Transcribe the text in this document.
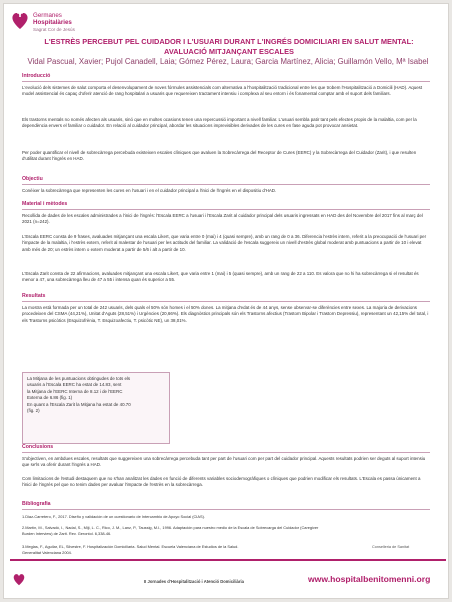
Germanes
Hospitalàries
Sagrat Cor de Jesús
L'ESTRÈS PERCEBUT PEL CUIDADOR I L'USUARI DURANT L'INGRÉS DOMICILIARI EN SALUT MENTAL:
AVALUACIÓ MITJANÇANT ESCALES
Vidal Pascual, Xavier; Pujol Canadell, Laia; Gómez Pérez, Laura; Garcia Martínez, Alicia; Guillamón Vello, Mª Isabel
Introducció
L'evolució dels sistemes de salut comporta el desenvolupament de noves fórmules assistencials com alternativa a l'hospitalització tradicional entre les que trobem l'Hospitalització a Domicili (HAD). Aquest model assistencial és capaç d'oferir atenció de rang hospitalari a usuaris que requereixen tractament intensiu i complexa al seu entorn i és fonamental comptar amb el suport dels familiars.
Els trastorns mentals no només afecten als usuaris, sinó que en moltes ocasions tenen una repercussió important a nivell familiar. L'usuari sembla patir tant pels efectes propis de la malaltia, com per la dependència envers el familiar o cuidador. En relació al cuidador principal, abordar les situacions imprevisibles derivades de les cures en fase aguda pot provocar ansietat.
Per poder quantificar el nivell de sobrecàrrega percebuda existeixen escales clíniques que avaluen la Sobrecàrrega del Receptor de Cures (EERC) y la Sobrecàrrega del Cuidador (Zarit), i que resulten d'utilitat durant l'ingrés en HAD.
Objectiu
Conèixer la sobrecàrrega que representen les cures en l'usuari i en el cuidador principal a l'inici de l'ingrés en el dispositiu d'HAD.
Material i mètodes
Recollida de dades de les escales administrades a l'inici de l'ingrés: l'Escala EERC a l'usuari i l'Escala Zarit al cuidador principal dels usuaris ingressats en HAD des del Novembre del 2017 fins al març del 2021 (n=242).
L'Escala EERC consta de 9 frases, avaluades mitjançant una escala Likert, que varia entre 0 (mai) i 4 (quasi sempre), amb un rang de 0 a 36. Diferencia l'estrès intern, referit a la preocupació de l'usuari per l'impacte de la malaltia, i l'estrès extern, referit al malestar de l'usuari per les actituds del familiar. La validació de l'escala suggereix un nivell d'estrès global moderat amb puntuacions a partir de 10 i elevat amb més de 20; un estrès intern o extern moderat a partir de 5/6 i alt a partir de 10.
L'Escala Zarit consta de 22 afirmacions, avaluades mitjançant una escala Likert, que varia entre 1 (mai) i 5 (quasi sempre), amb un rang de 22 a 110. Es valora que no hi ha sobrecàrrega si el resultat és menor a 47, una sobrecàrrega lleu de 47 a 55 i intensa quan és superior a 55.
Resultats
La mostra està formada per un total de 242 usuaris, dels quals el 50% són homes i el 50% dones. La mitjana d'edat és de 44 anys, sense observar-se diferències entre sexes. La majoria de derivacions procedeixen del CSMA (44,21%), Unitat d'Aguts (28,51%) i Urgències (20,66%). Els diagnòstics principals són els Trastorns afectius (Trastorn Bipolar i Trastorn Depressiu), representant un 42,15% del total, i els Trastorns psicòtics (Esquizofrènia, T. Esquizoafectiu, T. psicòtic NE), un 38,01%.
La Mitjana de les puntuacions obtingudes de tots els
usuaris a l'Escala EERC ha estat de 14.83, sent
la Mitjana de l'EERC Interna de 8.12 i de l'EERC
Externa de 6.86 (fig. 1)
En quant a l'Escala Zarit la Mitjana ha estat de 40.70
(fig. 2)
Conclusions
S'objectiven, en ambdues escales, resultats que suggereixen una sobrecàrrega percebuda tant per part de l'usuari com per part del cuidador principal. Aquests resultats podrien ser deguts al suport intensiu que se'ls va oferir durant l'ingrés a HAD.
Com limitacions de l'estudi destaquem que no s'han analitzat les dades en funció de diferents variables sociodemogràfiques o clíniques que podrien modificar els resultats. L'Escala es passa únicament a l'inici de l'ingrés pel que no tenim dades per avaluar l'impacte de l'estrès en la sobrecàrrega.
Bibliografia
1.Diaz-Carretero, F., 2017. Diseño y validación de un cuestionario de Intercambio de Apoyo Social (CIAS).
2.Martín, M., Salvadó, I., Nadal, S., Miji, L. C., Rico, J. M., Lanz, P., Taussig, M.I., 1996. Adaptación para nuestro medio de la Escala de Sobrecarga del Cuidador (Caregiver
Burden Interview) de Zarit. Rev. Gerontol. 6,338-46.
3.Meglas, F., Aguilar, EL, Silvestre, F. Hospitalización Domiciliaria. Salud Mental. Escuela Valenciana de Estudios de la Salud.
Generalitat Valenciana 2004.
Conselleria de Sanitat
II Jornades d'Hospitalització i Atenció Domiciliària	www.hospitalbenitomenni.org
